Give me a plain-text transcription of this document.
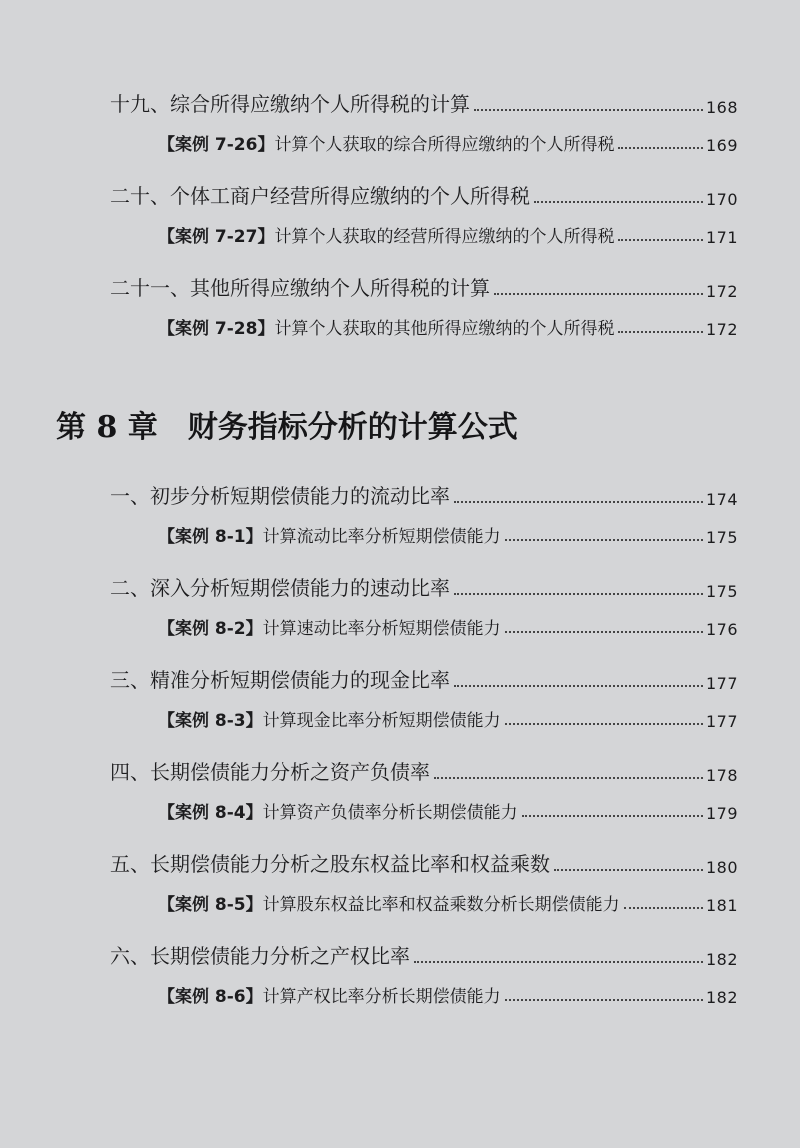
十九、综合所得应缴纳个人所得税的计算	168
【案例 7-26】计算个人获取的综合所得应缴纳的个人所得税	169
二十、个体工商户经营所得应缴纳的个人所得税	170
【案例 7-27】计算个人获取的经营所得应缴纳的个人所得税	171
二十一、其他所得应缴纳个人所得税的计算	172
【案例 7-28】计算个人获取的其他所得应缴纳的个人所得税	172
第 8 章 财务指标分析的计算公式
一、初步分析短期偿债能力的流动比率	174
【案例 8-1】计算流动比率分析短期偿债能力	175
二、深入分析短期偿债能力的速动比率	175
【案例 8-2】计算速动比率分析短期偿债能力	176
三、精准分析短期偿债能力的现金比率	177
【案例 8-3】计算现金比率分析短期偿债能力	177
四、长期偿债能力分析之资产负债率	178
【案例 8-4】计算资产负债率分析长期偿债能力	179
五、长期偿债能力分析之股东权益比率和权益乘数	180
【案例 8-5】计算股东权益比率和权益乘数分析长期偿债能力	181
六、长期偿债能力分析之产权比率	182
【案例 8-6】计算产权比率分析长期偿债能力	182
